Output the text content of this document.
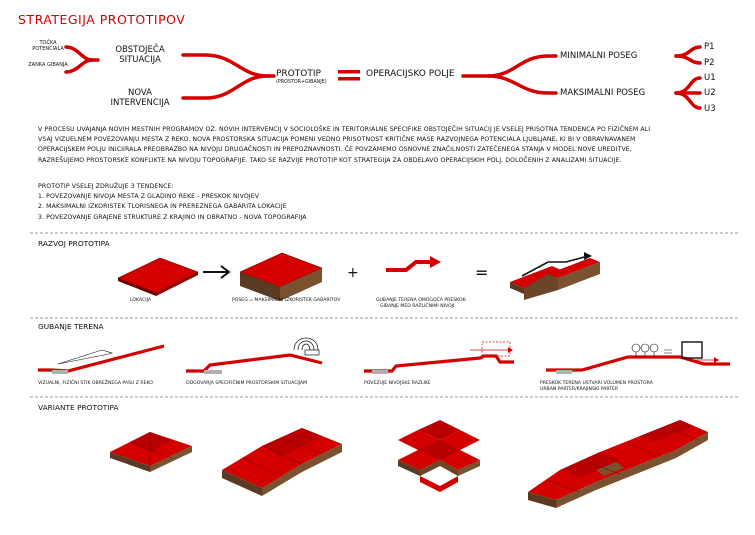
STRATEGIJA PROTOTIPOV
+	=
· ·
TOČKA POTENCIALA
ZANKA GIBANJA
OBSTOJEČA
SITUACIJA
NOVA
INTERVENCIJA
PROTOTIP
(PROSTOR+GIBANJE)
OPERACIJSKO POLJE
MINIMALNI POSEG
MAKSIMALNI POSEG
P1
P2
U1
U2
U3
V PROCESU UVAJANJA NOVIH MESTNIH PROGRAMOV OZ. NOVIH INTERVENCIJ V SOCIOLOŠKE IN TERITORIALNE SPECIFIKE OBSTOJEČIH SITUACIJ JE VSELEJ PRISOTNA TENDENCA PO FIZIČNEM ALI
VSAJ VIZUELNEM POVEZOVANJU MESTA Z REKO. NOVA PROSTORSKA SITUACIJA POMENI VEDNO PRISOTNOST KRITIČNE MASE RAZVOJNEGA POTENCIALA LJUBLJANE, KI BI V OBRAVNAVANEM
OPERACIJSKEM POLJU INICIIRALA PREOBRAZBO NA NIVOJU DRUGAČNOSTI IN PREPOZNAVNOSTI. ČE POVZAMEMO OSNOVNE ZNAČILNOSTI ZATEČENEGA STANJA V MODEL NOVE UREDITVE,
RAZREŠUJEMO PROSTORSKE KONFLIKTE NA NIVOJU TOPOGRAFIJE. TAKO SE RAZVIJE PROTOTIP KOT STRATEGIJA ZA OBDELAVO OPERACIJSKIH POLJ, DOLOČENIH Z ANALIZAMI SITUACIJE.
PROTOTIP VSELEJ ZDRUŽUJE 3 TENDENCE:
1. POVEZOVANJE NIVOJA MESTA Z GLADINO REKE - PRESKOK NIVOJEV
2. MAKSIMALNI IZKORISTEK TLORISNEGA IN PREREZNEGA GABARITA LOKACIJE
3. POVEZOVANJE GRAJENE STRUKTURE Z KRAJINO IN OBRATNO - NOVA TOPOGRAFIJA
RAZVOJ PROTOTIPA
LOKACIJA	POSEG = MAKSIMALNI IZKORISTEK GABARITOV	GUBANJE TERENA OMOGOČA PRESKOK-
GIBANJE MED RAZLIČNIMI NIVOJI
GUBANJE TERENA
VIZUALNI, FIZIČNI STIK OBREŽNEGA PASU Z REKO	ODGOVARJA SPECIFIČNIM PROSTORSKIM SITUACIJAM	POVEZUJE NIVOJSKE RAZLIKE	PRESKOK TERENA USTVARI VOLUMEN PROSTORA
URBAN PARTER/KRAJINSKI PARTER
VARIANTE PROTOTIPA
